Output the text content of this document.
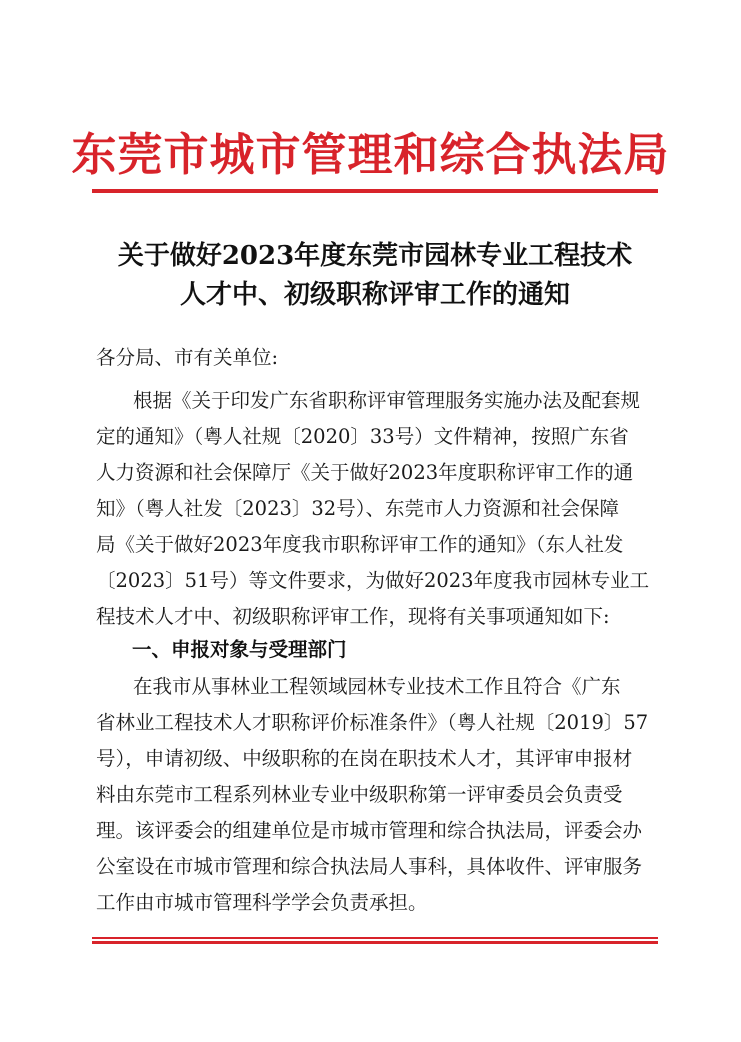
东莞市城市管理和综合执法局
关于做好2023年度东莞市园林专业工程技术
人才中、初级职称评审工作的通知
各分局、市有关单位:
根据《关于印发广东省职称评审管理服务实施办法及配套规
定的通知》（粤人社规〔2020〕33号）文件精神，按照广东省
人力资源和社会保障厅《关于做好2023年度职称评审工作的通
知》（粤人社发〔2023〕32号）、东莞市人力资源和社会保障
局《关于做好2023年度我市职称评审工作的通知》（东人社发
〔2023〕51号）等文件要求，为做好2023年度我市园林专业工
程技术人才中、初级职称评审工作，现将有关事项通知如下:
一、申报对象与受理部门
在我市从事林业工程领域园林专业技术工作且符合《广东
省林业工程技术人才职称评价标准条件》（粤人社规〔2019〕57
号），申请初级、中级职称的在岗在职技术人才，其评审申报材
料由东莞市工程系列林业专业中级职称第一评审委员会负责受
理。该评委会的组建单位是市城市管理和综合执法局，评委会办
公室设在市城市管理和综合执法局人事科，具体收件、评审服务
工作由市城市管理科学学会负责承担。
